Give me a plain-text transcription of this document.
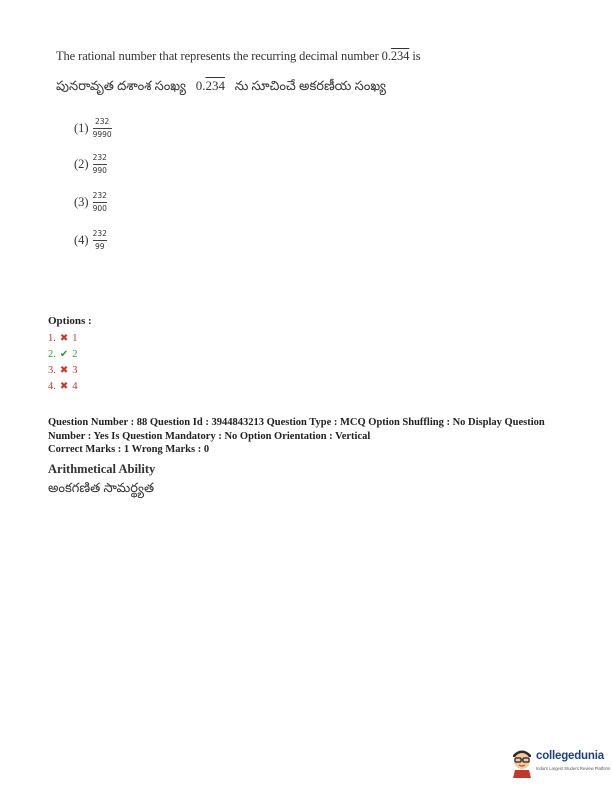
The rational number that represents the recurring decimal number 0.234 is
పునరావృత దశాంశ సంఖ్య 0.234 ను సూచించే అకరణీయ సంఖ్య
$(1) \frac{232}{9990}$
$(2) \frac{232}{990}$
$(3) \frac{232}{900}$
$(4) \frac{232}{99}$
Options :
1. ✖ 1
2. ✔ 2
3. ✖ 3
4. ✖ 4
Question Number : 88 Question Id : 3944843213 Question Type : MCQ Option Shuffling : No Display Question
Number : Yes Is Question Mandatory : No Option Orientation : Vertical
Correct Marks : 1 Wrong Marks : 0
Arithmetical Ability
అంకగణిత సామర్థ్యత
collegedunia
India's Largest Student Review Platform
